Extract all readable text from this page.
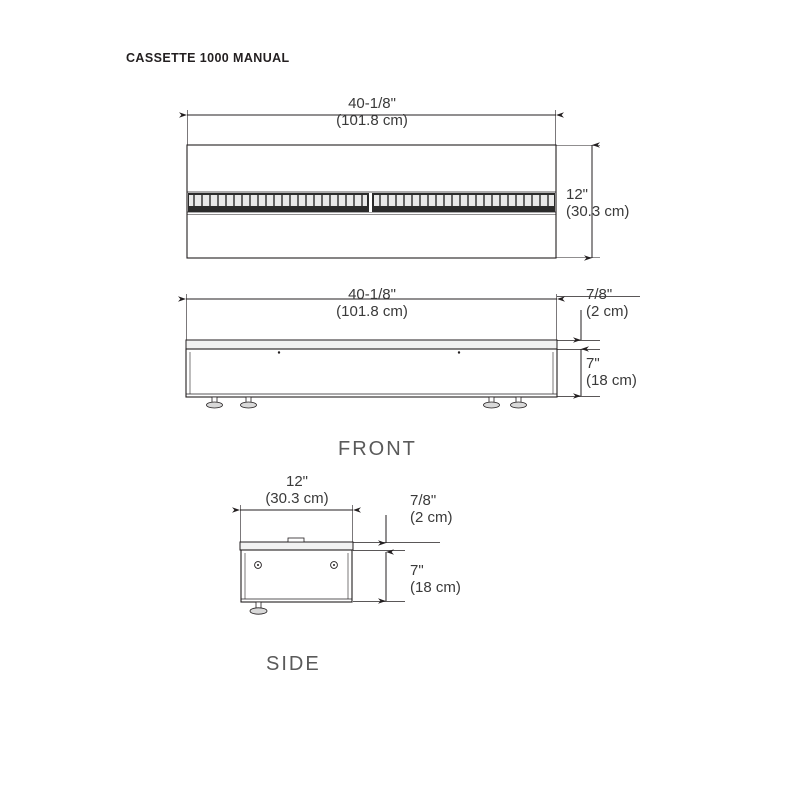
CASSETTE 1000 MANUAL
40-1/8"
(101.8 cm)
12"
(30.3 cm)
40-1/8"
(101.8 cm)
7/8"
(2 cm)
7"
(18 cm)
12"
(30.3 cm)	7/8"
(2 cm)
7"
(18 cm)
FRONT
SIDE
